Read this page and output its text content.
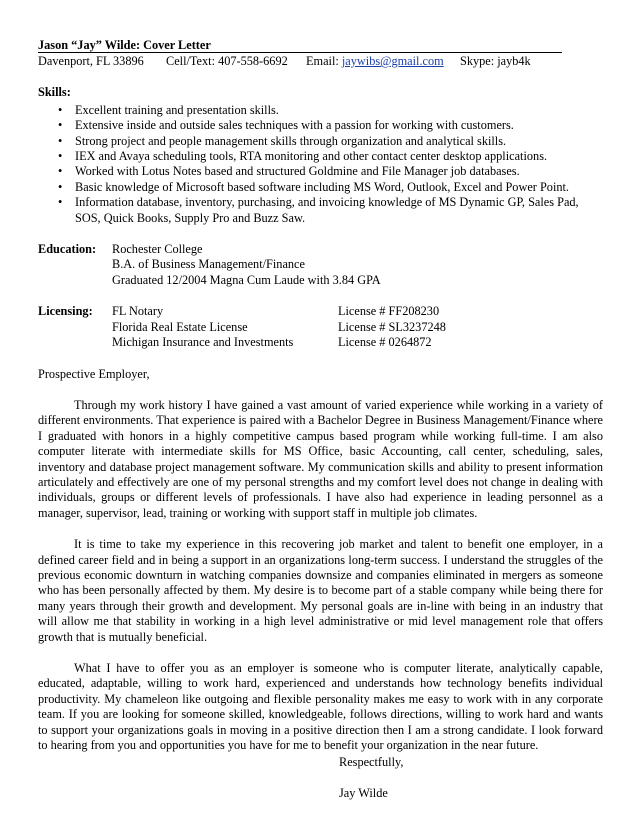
Jason “Jay” Wilde: Cover Letter
Davenport, FL 33896 Cell/Text: 407-558-6692 Email: jaywibs@gmail.com Skype: jayb4k
Skills:
• Excellent training and presentation skills.
• Extensive inside and outside sales techniques with a passion for working with customers.
• Strong project and people management skills through organization and analytical skills.
• IEX and Avaya scheduling tools, RTA monitoring and other contact center desktop applications.
• Worked with Lotus Notes based and structured Goldmine and File Manager job databases.
• Basic knowledge of Microsoft based software including MS Word, Outlook, Excel and Power Point.
• Information database, inventory, purchasing, and invoicing knowledge of MS Dynamic GP, Sales Pad, SOS, Quick Books, Supply Pro and Buzz Saw.
Education:	Rochester College
B.A. of Business Management/Finance
Graduated 12/2004 Magna Cum Laude with 3.84 GPA
Licensing:	FL Notary	License # FF208230
Florida Real Estate License	License # SL3237248
Michigan Insurance and Investments	License # 0264872
Prospective Employer,

Through my work history I have gained a vast amount of varied experience while working in a variety of different environments. That experience is paired with a Bachelor Degree in Business Management/Finance where I graduated with honors in a highly competitive campus based program while working full-time. I am also computer literate with intermediate skills for MS Office, basic Accounting, call center, scheduling, sales, inventory and database project management software. My communication skills and ability to present information articulately and effectively are one of my personal strengths and my comfort level does not change in dealing with individuals, groups or different levels of professionals. I have also had experience in leading personnel as a manager, supervisor, lead, training or working with support staff in multiple job climates.

It is time to take my experience in this recovering job market and talent to benefit one employer, in a defined career field and in being a support in an organizations long-term success. I understand the struggles of the previous economic downturn in watching companies downsize and companies eliminated in mergers as someone who has been personally affected by them. My desire is to become part of a stable company while being there for many years through their growth and development. My personal goals are in-line with being in an industry that will allow me that stability in working in a high level administrative or mid level management role that offers growth that is mutually beneficial.

What I have to offer you as an employer is someone who is computer literate, analytically capable, educated, adaptable, willing to work hard, experienced and understands how technology benefits individual productivity. My chameleon like outgoing and flexible personality makes me easy to work with in any corporate team. If you are looking for someone skilled, knowledgeable, follows directions, willing to work hard and wants to support your organizations goals in moving in a positive direction then I am a strong candidate. I look forward to hearing from you and opportunities you have for me to benefit your organization in the near future.

Respectfully,
Jay Wilde
